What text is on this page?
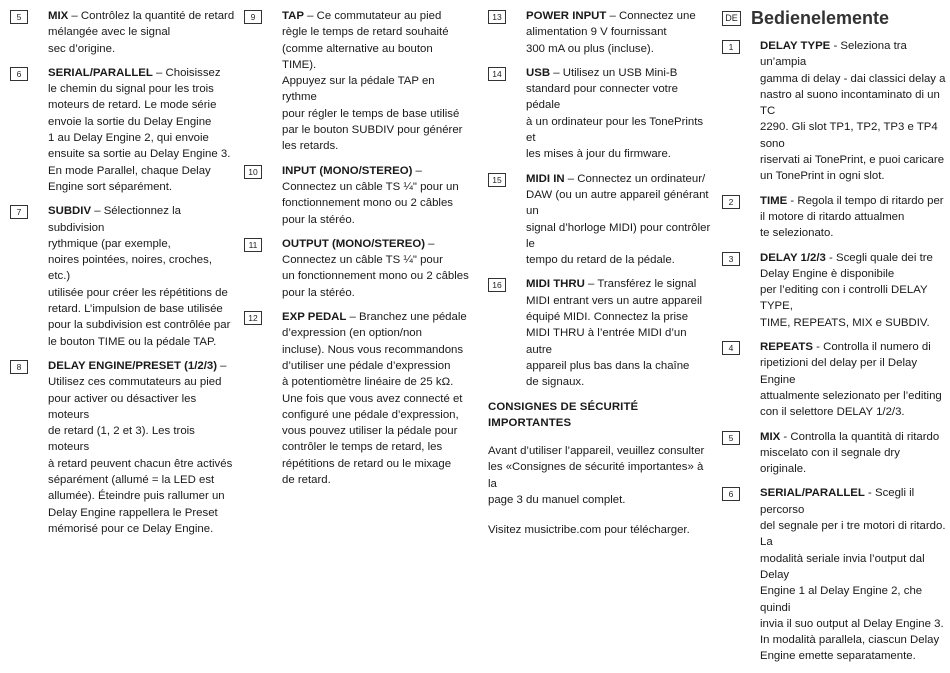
5	MIX – Contrôlez la quantité de retard
mélangée avec le signal
sec d’origine.
6	SERIAL/PARALLEL – Choisissez
le chemin du signal pour les trois
moteurs de retard. Le mode série
envoie la sortie du Delay Engine
1 au Delay Engine 2, qui envoie
ensuite sa sortie au Delay Engine 3.
En mode Parallel, chaque Delay
Engine sort séparément.
7	SUBDIV – Sélectionnez la subdivision
rythmique (par exemple,
noires pointées, noires, croches, etc.)
utilisée pour créer les répétitions de
retard. L’impulsion de base utilisée
pour la subdivision est contrôlée par
le bouton TIME ou la pédale TAP.
8	DELAY ENGINE/PRESET (1/2/3) –
Utilisez ces commutateurs au pied
pour activer ou désactiver les moteurs
de retard (1, 2 et 3). Les trois moteurs
à retard peuvent chacun être activés
séparément (allumé = la LED est
allumée). Éteindre puis rallumer un
Delay Engine rappellera le Preset
mémorisé pour ce Delay Engine.
9	TAP – Ce commutateur au pied
règle le temps de retard souhaité
(comme alternative au bouton TIME).
Appuyez sur la pédale TAP en rythme
pour régler le temps de base utilisé
par le bouton SUBDIV pour générer
les retards.
10	INPUT (MONO/STEREO) –
Connectez un câble TS ¼" pour un
fonctionnement mono ou 2 câbles
pour la stéréo.
11	OUTPUT (MONO/STEREO) –
Connectez un câble TS ¼" pour
un fonctionnement mono ou 2 câbles
pour la stéréo.
12	EXP PEDAL – Branchez une pédale
d’expression (en option/non
incluse). Nous vous recommandons
d’utiliser une pédale d’expression
à potentiomètre linéaire de 25 kΩ.
Une fois que vous avez connecté et
configuré une pédale d’expression,
vous pouvez utiliser la pédale pour
contrôler le temps de retard, les
répétitions de retard ou le mixage
de retard.
13	POWER INPUT – Connectez une
alimentation 9 V fournissant
300 mA ou plus (incluse).
14	USB – Utilisez un USB Mini-B
standard pour connecter votre pédale
à un ordinateur pour les TonePrints et
les mises à jour du firmware.
15	MIDI IN – Connectez un ordinateur/
DAW (ou un autre appareil générant un
signal d’horloge MIDI) pour contrôler le
tempo du retard de la pédale.
16	MIDI THRU – Transférez le signal
MIDI entrant vers un autre appareil
équipé MIDI. Connectez la prise
MIDI THRU à l’entrée MIDI d’un autre
appareil plus bas dans la chaîne
de signaux.
CONSIGNES DE SÉCURITÉ IMPORTANTES
Avant d’utiliser l’appareil, veuillez consulter
les «Consignes de sécurité importantes» à la
page 3 du manuel complet.
Visitez musictribe.com pour télécharger.
DE Bedienelemente
1	DELAY TYPE - Seleziona tra un’ampia
gamma di delay - dai classici delay a
nastro al suono incontaminato di un TC
2290. Gli slot TP1, TP2, TP3 e TP4 sono
riservati ai TonePrint, e puoi caricare
un TonePrint in ogni slot.
2	TIME - Regola il tempo di ritardo per
il motore di ritardo attualmen
te selezionato.
3	DELAY 1/2/3 - Scegli quale dei tre
Delay Engine è disponibile
per l’editing con i controlli DELAY TYPE,
TIME, REPEATS, MIX e SUBDIV.
4	REPEATS - Controlla il numero di
ripetizioni del delay per il Delay Engine
attualmente selezionato per l’editing
con il selettore DELAY 1/2/3.
5	MIX - Controlla la quantità di ritardo
miscelato con il segnale dry originale.
6	SERIAL/PARALLEL - Scegli il percorso
del segnale per i tre motori di ritardo. La
modalità seriale invia l’output dal Delay
Engine 1 al Delay Engine 2, che quindi
invia il suo output al Delay Engine 3.
In modalità parallela, ciascun Delay
Engine emette separatamente.
